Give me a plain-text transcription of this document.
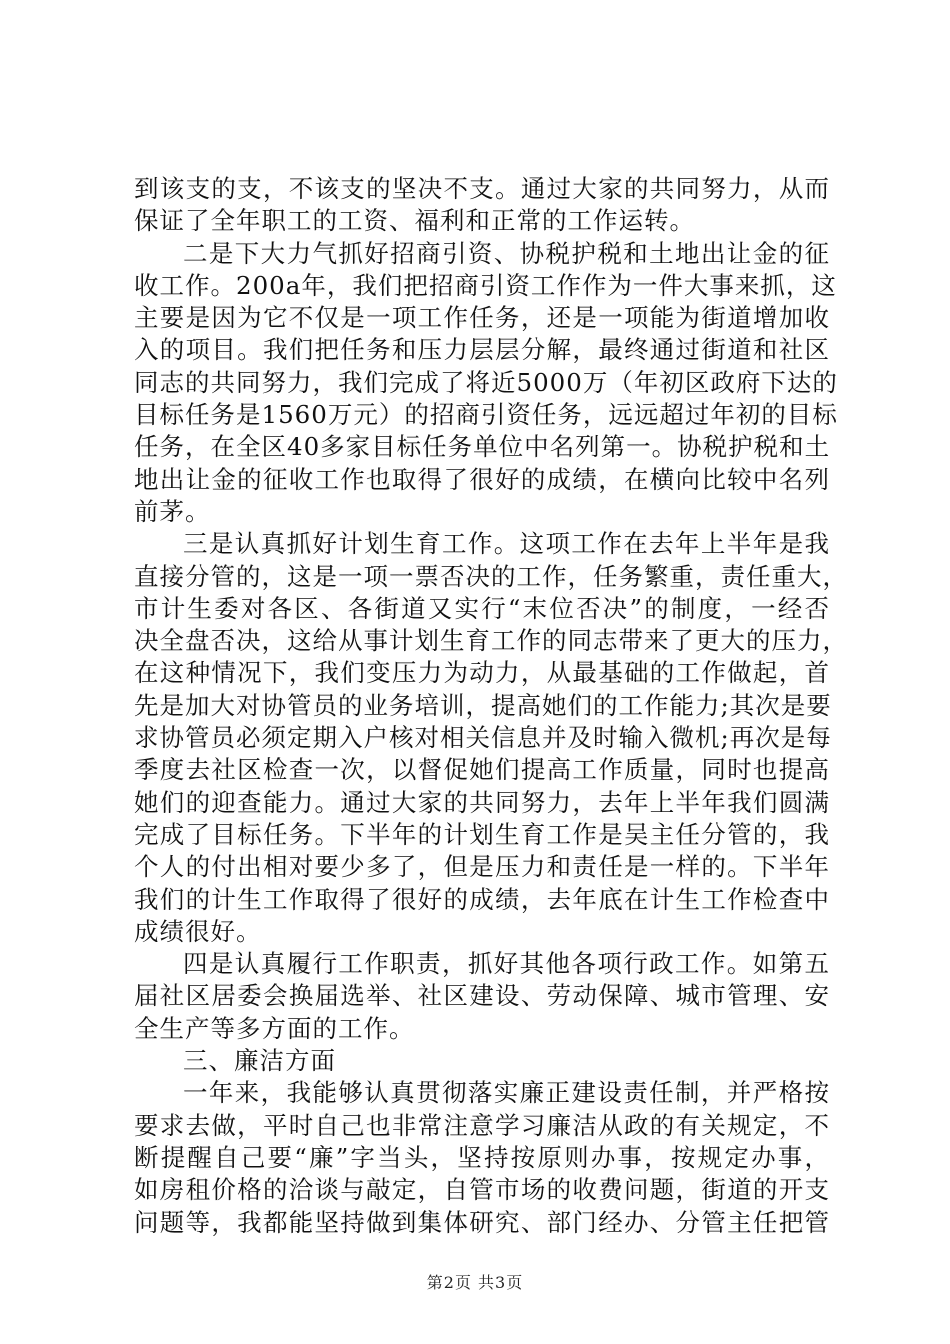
到该支的支，不该支的坚决不支。通过大家的共同努力，从而
保证了全年职工的工资、福利和正常的工作运转。
二是下大力气抓好招商引资、协税护税和土地出让金的征
收工作。200a年，我们把招商引资工作作为一件大事来抓，这
主要是因为它不仅是一项工作任务，还是一项能为街道增加收
入的项目。我们把任务和压力层层分解，最终通过街道和社区
同志的共同努力，我们完成了将近5000万（年初区政府下达的
目标任务是1560万元）的招商引资任务，远远超过年初的目标
任务，在全区40多家目标任务单位中名列第一。协税护税和土
地出让金的征收工作也取得了很好的成绩，在横向比较中名列
前茅。
三是认真抓好计划生育工作。这项工作在去年上半年是我
直接分管的，这是一项一票否决的工作，任务繁重，责任重大，
市计生委对各区、各街道又实行“末位否决”的制度，一经否
决全盘否决，这给从事计划生育工作的同志带来了更大的压力，
在这种情况下，我们变压力为动力，从最基础的工作做起，首
先是加大对协管员的业务培训，提高她们的工作能力;其次是要
求协管员必须定期入户核对相关信息并及时输入微机;再次是每
季度去社区检查一次，以督促她们提高工作质量，同时也提高
她们的迎查能力。通过大家的共同努力，去年上半年我们圆满
完成了目标任务。下半年的计划生育工作是吴主任分管的，我
个人的付出相对要少多了，但是压力和责任是一样的。下半年
我们的计生工作取得了很好的成绩，去年底在计生工作检查中
成绩很好。
四是认真履行工作职责，抓好其他各项行政工作。如第五
届社区居委会换届选举、社区建设、劳动保障、城市管理、安
全生产等多方面的工作。
三、廉洁方面
一年来，我能够认真贯彻落实廉正建设责任制，并严格按
要求去做，平时自己也非常注意学习廉洁从政的有关规定，不
断提醒自己要“廉”字当头，坚持按原则办事，按规定办事，
如房租价格的洽谈与敲定，自管市场的收费问题，街道的开支
问题等，我都能坚持做到集体研究、部门经办、分管主任把管
第2页 共3页
